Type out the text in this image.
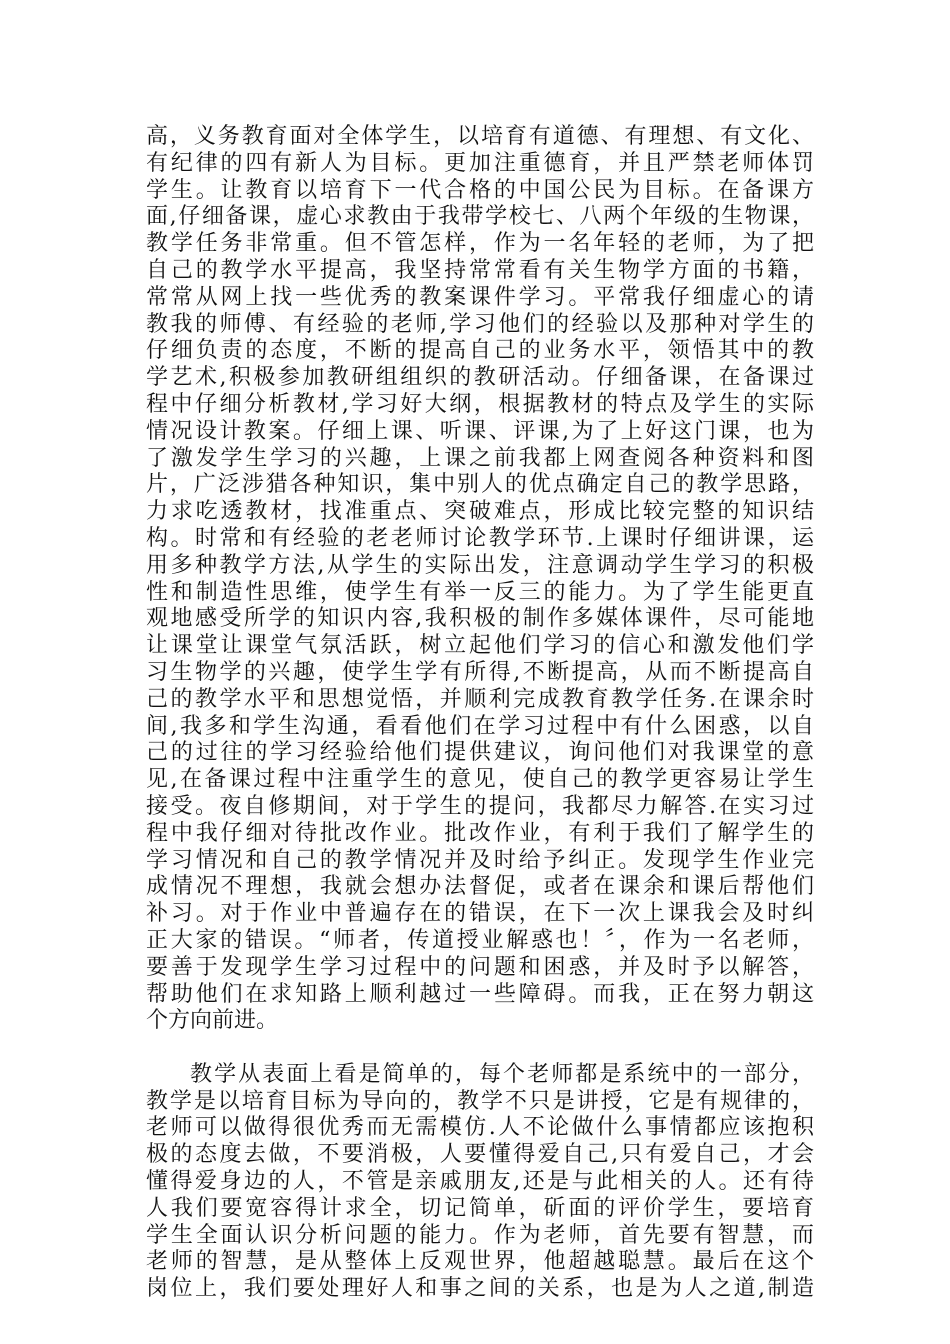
高，义务教育面对全体学生，以培育有道德、有理想、有文化、
有纪律的四有新人为目标。更加注重德育，并且严禁老师体罚
学生。让教育以培育下一代合格的中国公民为目标。在备课方
面,仔细备课，虚心求教由于我带学校七、八两个年级的生物课，
教学任务非常重。但不管怎样，作为一名年轻的老师，为了把
自己的教学水平提高，我坚持常常看有关生物学方面的书籍，
常常从网上找一些优秀的教案课件学习。平常我仔细虚心的请
教我的师傅、有经验的老师,学习他们的经验以及那种对学生的
仔细负责的态度，不断的提高自己的业务水平，领悟其中的教
学艺术,积极参加教研组组织的教研活动。仔细备课，在备课过
程中仔细分析教材,学习好大纲，根据教材的特点及学生的实际
情况设计教案。仔细上课、听课、评课,为了上好这门课，也为
了激发学生学习的兴趣，上课之前我都上网查阅各种资料和图
片，广泛涉猎各种知识，集中别人的优点确定自己的教学思路，
力求吃透教材，找准重点、突破难点，形成比较完整的知识结
构。时常和有经验的老老师讨论教学环节.上课时仔细讲课，运
用多种教学方法,从学生的实际出发，注意调动学生学习的积极
性和制造性思维，使学生有举一反三的能力。为了学生能更直
观地感受所学的知识内容,我积极的制作多媒体课件，尽可能地
让课堂让课堂气氛活跃，树立起他们学习的信心和激发他们学
习生物学的兴趣，使学生学有所得,不断提高，从而不断提高自
己的教学水平和思想觉悟，并顺利完成教育教学任务.在课余时
间,我多和学生沟通，看看他们在学习过程中有什么困惑，以自
己的过往的学习经验给他们提供建议，询问他们对我课堂的意
见,在备课过程中注重学生的意见，使自己的教学更容易让学生
接受。夜自修期间，对于学生的提问，我都尽力解答.在实习过
程中我仔细对待批改作业。批改作业，有利于我们了解学生的
学习情况和自己的教学情况并及时给予纠正。发现学生作业完
成情况不理想，我就会想办法督促，或者在课余和课后帮他们
补习。对于作业中普遍存在的错误，在下一次上课我会及时纠
正大家的错误。“师者，传道授业解惑也！〞，作为一名老师，
要善于发现学生学习过程中的问题和困惑，并及时予以解答，
帮助他们在求知路上顺利越过一些障碍。而我，正在努力朝这
个方向前进。
教学从表面上看是简单的，每个老师都是系统中的一部分，
教学是以培育目标为导向的，教学不只是讲授，它是有规律的，
老师可以做得很优秀而无需模仿.人不论做什么事情都应该抱积
极的态度去做，不要消极，人要懂得爱自己,只有爱自己，才会
懂得爱身边的人，不管是亲戚朋友,还是与此相关的人。还有待
人我们要宽容得计求全，切记简单，斫面的评价学生，要培育
学生全面认识分析问题的能力。作为老师，首先要有智慧，而
老师的智慧，是从整体上反观世界，他超越聪慧。最后在这个
岗位上，我们要处理好人和事之间的关系，也是为人之道,制造
